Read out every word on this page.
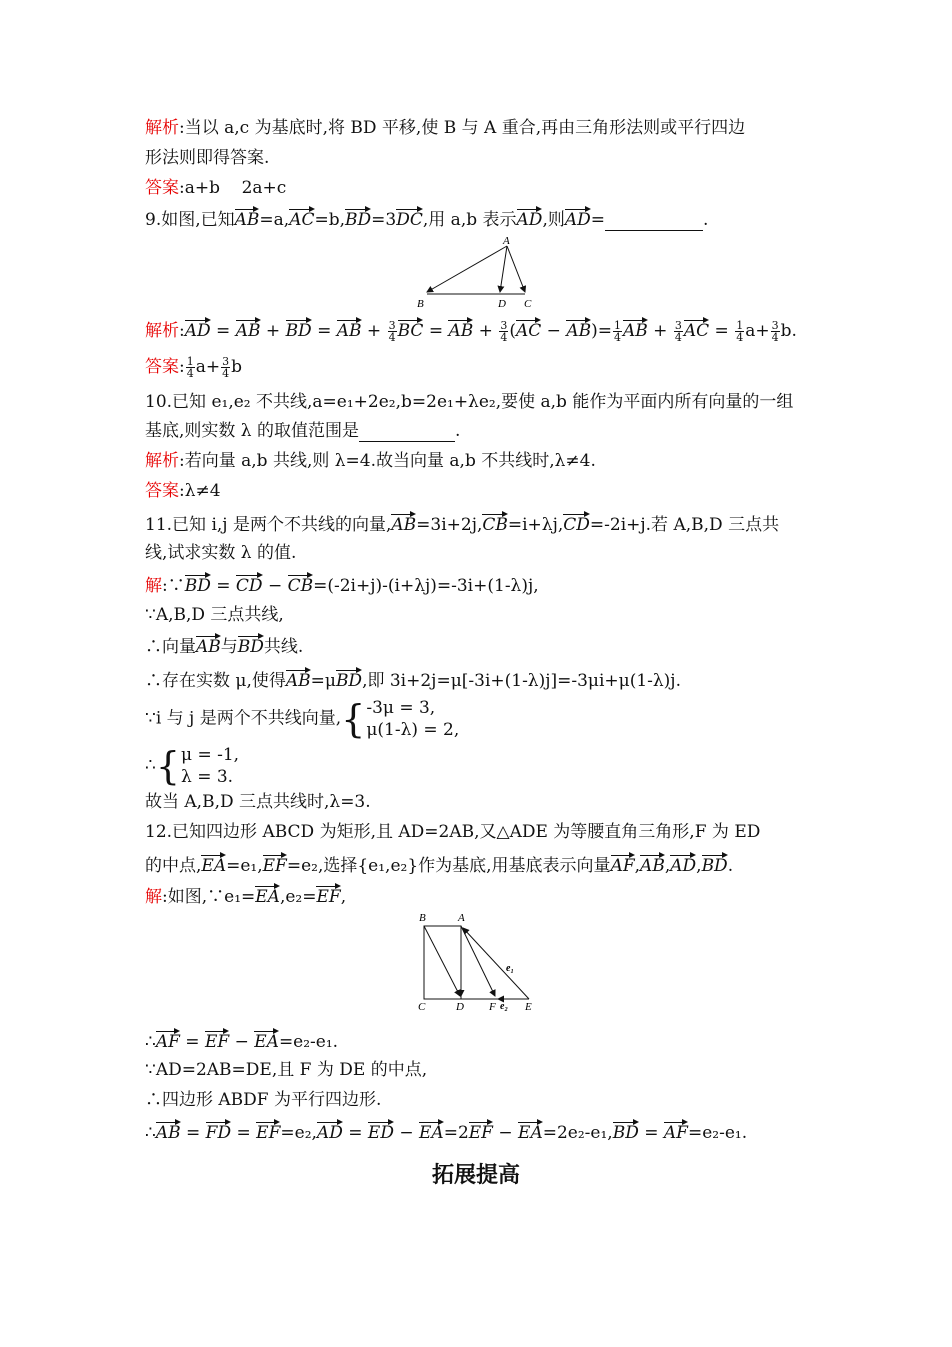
解析:当以 a,c 为基底时,将 BD 平移,使 B 与 A 重合,再由三角形法则或平行四边
形法则即得答案.
答案:a+b    2a+c
9.如图,已知AB=a,AC=b,BD=3DC,用 a,b 表示AD,则AD=	.
A
B	D C
解析:AD = AB + BD = AB + $\frac{3}{4}$ BC = AB + $\frac{3}{4} (AC - AB)= \frac{1}{4}$ AB + $\frac{3}{4}$ AC = $\frac{1}{4} a+ \frac{3}{4} b$.
答案: $\frac{1}{4} a+ \frac{3}{4}$ b
10.已知 e₁,e₂ 不共线,a=e₁+2e₂,b=2e₁+λe₂,要使 a,b 能作为平面内所有向量的一组
基底,则实数 λ 的取值范围是	.
解析:若向量 a,b 共线,则 λ=4.故当向量 a,b 不共线时,λ≠4.
答案:λ≠4
11.已知 i,j 是两个不共线的向量,AB=3i+2j,CB=i+λj,CD=-2i+j.若 A,B,D 三点共
线,试求实数 λ 的值.
解:∵BD = CD − CB=(-2i+j)-(i+λj)=-3i+(1-λ)j,
∵A,B,D 三点共线,
∴向量AB与BD共线.
∴存在实数 μ,使得AB=μBD,即 3i+2j=μ[-3i+(1-λ)j]=-3μi+μ(1-λ)j.
∵i 与 j 是两个不共线向量, { -3μ = 3,
μ(1-λ) = 2,
∴ { μ = -1,
λ = 3.
故当 A,B,D 三点共线时,λ=3.
12.已知四边形 ABCD 为矩形,且 AD=2AB,又△ADE 为等腰直角三角形,F 为 ED
的中点,EA=e₁,EF=e₂,选择{e₁,e₂}作为基底,用基底表示向量AF,AB,AD,BD.
解:如图,∵e₁=EA,e₂=EF,
B	A
C	D F	E
e₁
e₂
∴AF = EF − EA=e₂-e₁.
∵AD=2AB=DE,且 F 为 DE 的中点,
∴四边形 ABDF 为平行四边形.
∴AB = FD = EF=e₂,AD = ED − EA=2EF − EA=2e₂-e₁,BD = AF=e₂-e₁.
拓展提高
